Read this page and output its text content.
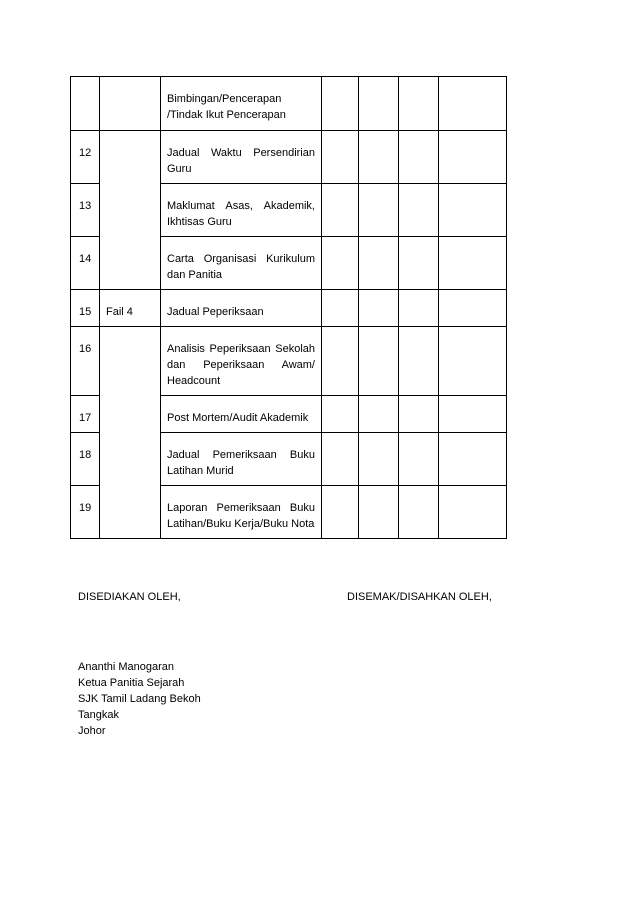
		Bimbingan/Pencerapan /Tindak Ikut Pencerapan				
12		Jadual Waktu Persendirian Guru				
13		Maklumat Asas, Akademik, Ikhtisas Guru				
14		Carta Organisasi Kurikulum dan Panitia				
15	Fail 4	Jadual Peperiksaan				
16		Analisis Peperiksaan Sekolah dan Peperiksaan Awam/ Headcount				
17		Post Mortem/Audit Akademik				
18		Jadual Pemeriksaan Buku Latihan Murid				
19		Laporan Pemeriksaan Buku Latihan/Buku Kerja/Buku Nota				
DISEDIAKAN OLEH,	DISEMAK/DISAHKAN OLEH,
Ananthi Manogaran
Ketua Panitia Sejarah
SJK Tamil Ladang Bekoh
Tangkak
Johor
